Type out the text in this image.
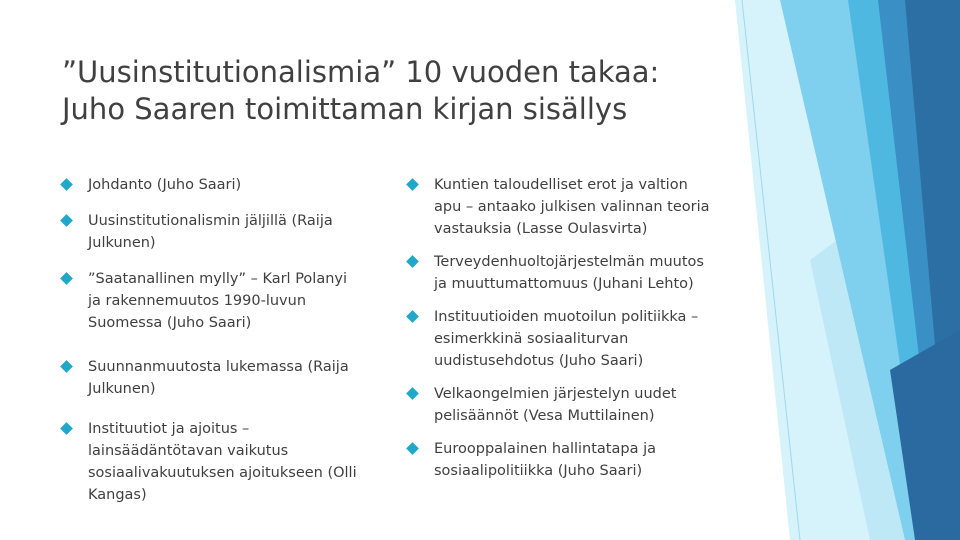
”Uusinstitutionalismia” 10 vuoden takaa:
Juho Saaren toimittaman kirjan sisällys
Johdanto (Juho Saari)
Uusinstitutionalismin jäljillä (Raija
Julkunen)
”Saatanallinen mylly” – Karl Polanyi
ja rakennemuutos 1990-luvun
Suomessa (Juho Saari)
Suunnanmuutosta lukemassa (Raija
Julkunen)
Instituutiot ja ajoitus –
lainsäädäntötavan vaikutus
sosiaalivakuutuksen ajoitukseen (Olli
Kangas)
Kuntien taloudelliset erot ja valtion
apu – antaako julkisen valinnan teoria
vastauksia (Lasse Oulasvirta)
Terveydenhuoltojärjestelmän muutos
ja muuttumattomuus (Juhani Lehto)
Instituutioiden muotoilun politiikka –
esimerkkinä sosiaaliturvan
uudistusehdotus (Juho Saari)
Velkaongelmien järjestelyn uudet
pelisäännöt (Vesa Muttilainen)
Eurooppalainen hallintatapa ja
sosiaalipolitiikka (Juho Saari)
